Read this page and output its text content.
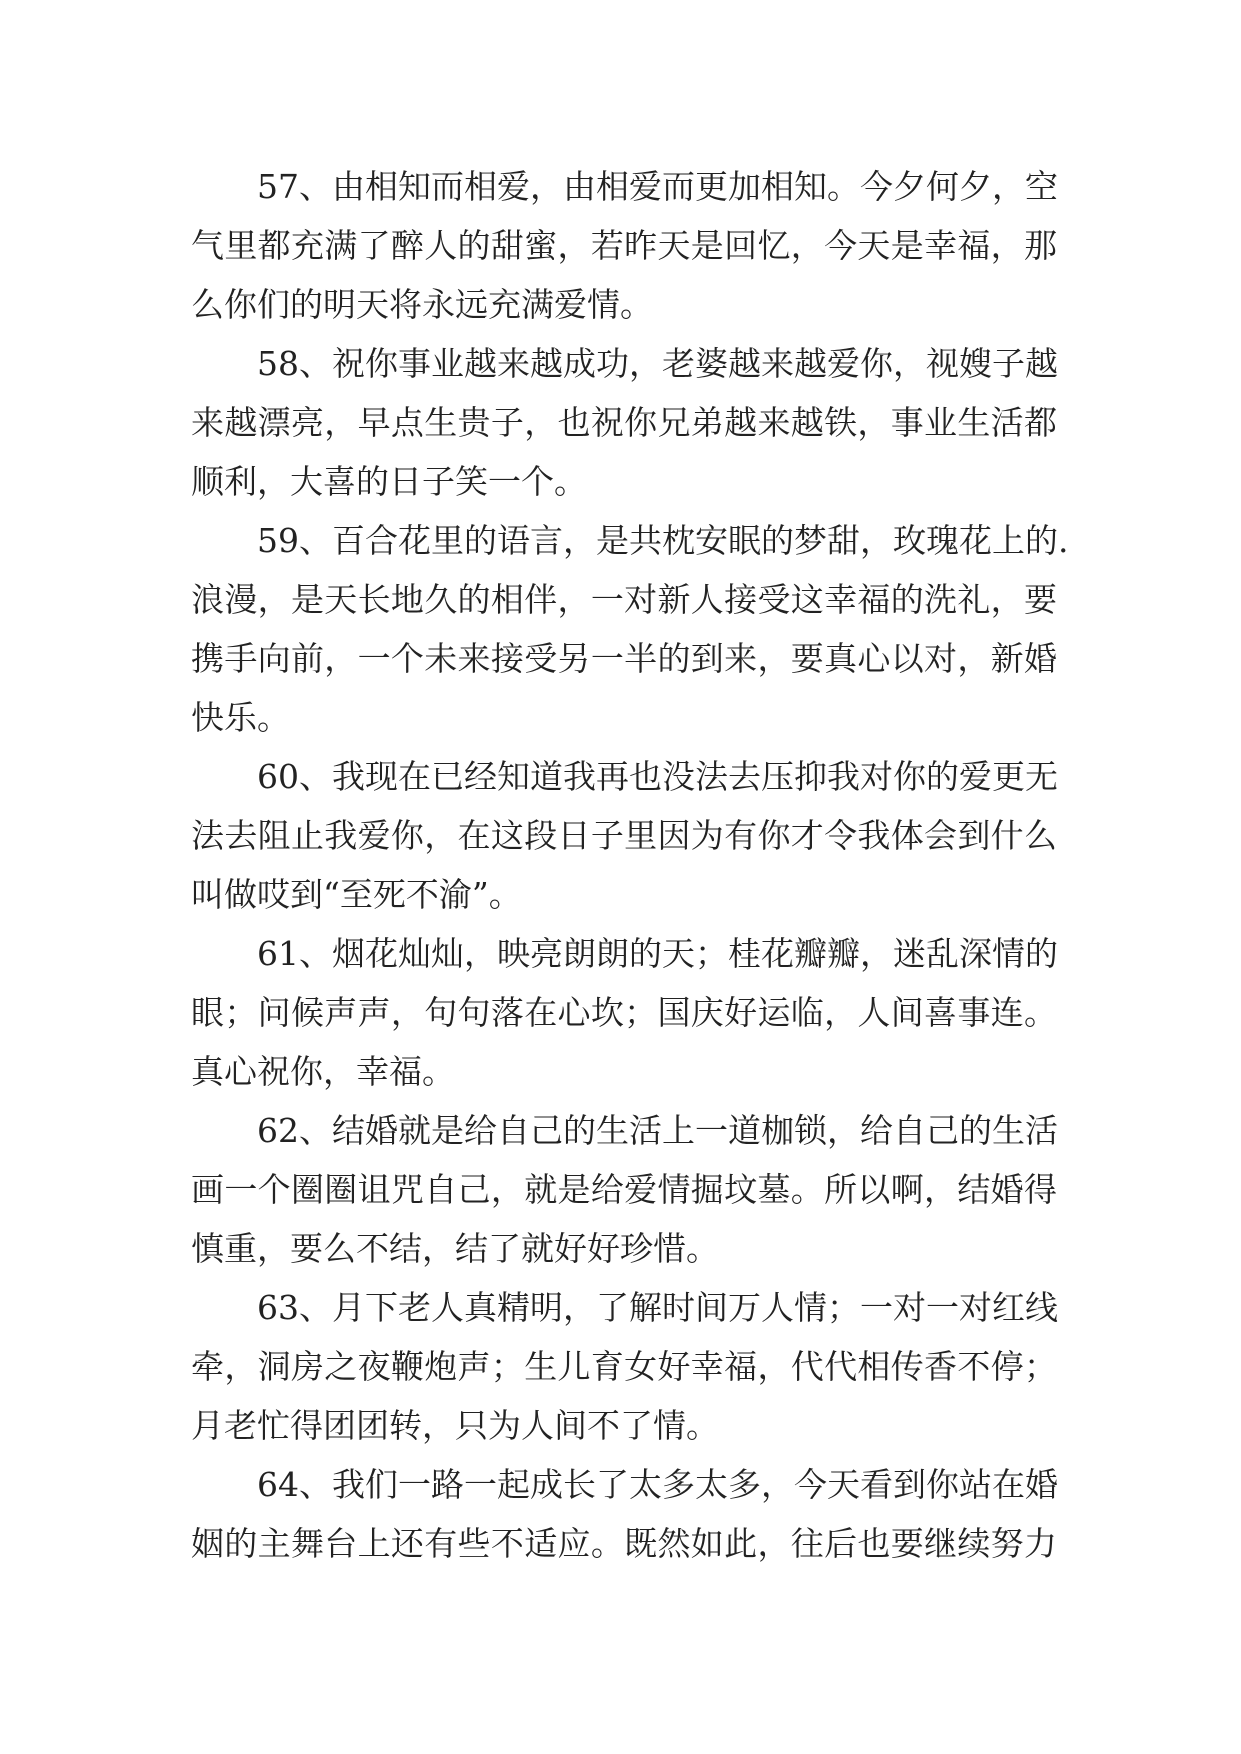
57、由相知而相爱，由相爱而更加相知。今夕何夕，空
气里都充满了醉人的甜蜜，若昨天是回忆，今天是幸福，那
么你们的明天将永远充满爱情。
58、祝你事业越来越成功，老婆越来越爱你，视嫂子越
来越漂亮，早点生贵子，也祝你兄弟越来越铁，事业生活都
顺利，大喜的日子笑一个。
59、百合花里的语言，是共枕安眠的梦甜，玫瑰花上的.
浪漫，是天长地久的相伴，一对新人接受这幸福的洗礼，要
携手向前，一个未来接受另一半的到来，要真心以对，新婚
快乐。
60、我现在已经知道我再也没法去压抑我对你的爱更无
法去阻止我爱你，在这段日子里因为有你才令我体会到什么
叫做哎到“至死不渝”。
61、烟花灿灿，映亮朗朗的天；桂花瓣瓣，迷乱深情的
眼；问候声声，句句落在心坎；国庆好运临，人间喜事连。
真心祝你，幸福。
62、结婚就是给自己的生活上一道枷锁，给自己的生活
画一个圈圈诅咒自己，就是给爱情掘坟墓。所以啊，结婚得
慎重，要么不结，结了就好好珍惜。
63、月下老人真精明，了解时间万人情；一对一对红线
牵，洞房之夜鞭炮声；生儿育女好幸福，代代相传香不停；
月老忙得团团转，只为人间不了情。
64、我们一路一起成长了太多太多，今天看到你站在婚
姻的主舞台上还有些不适应。既然如此，往后也要继续努力
